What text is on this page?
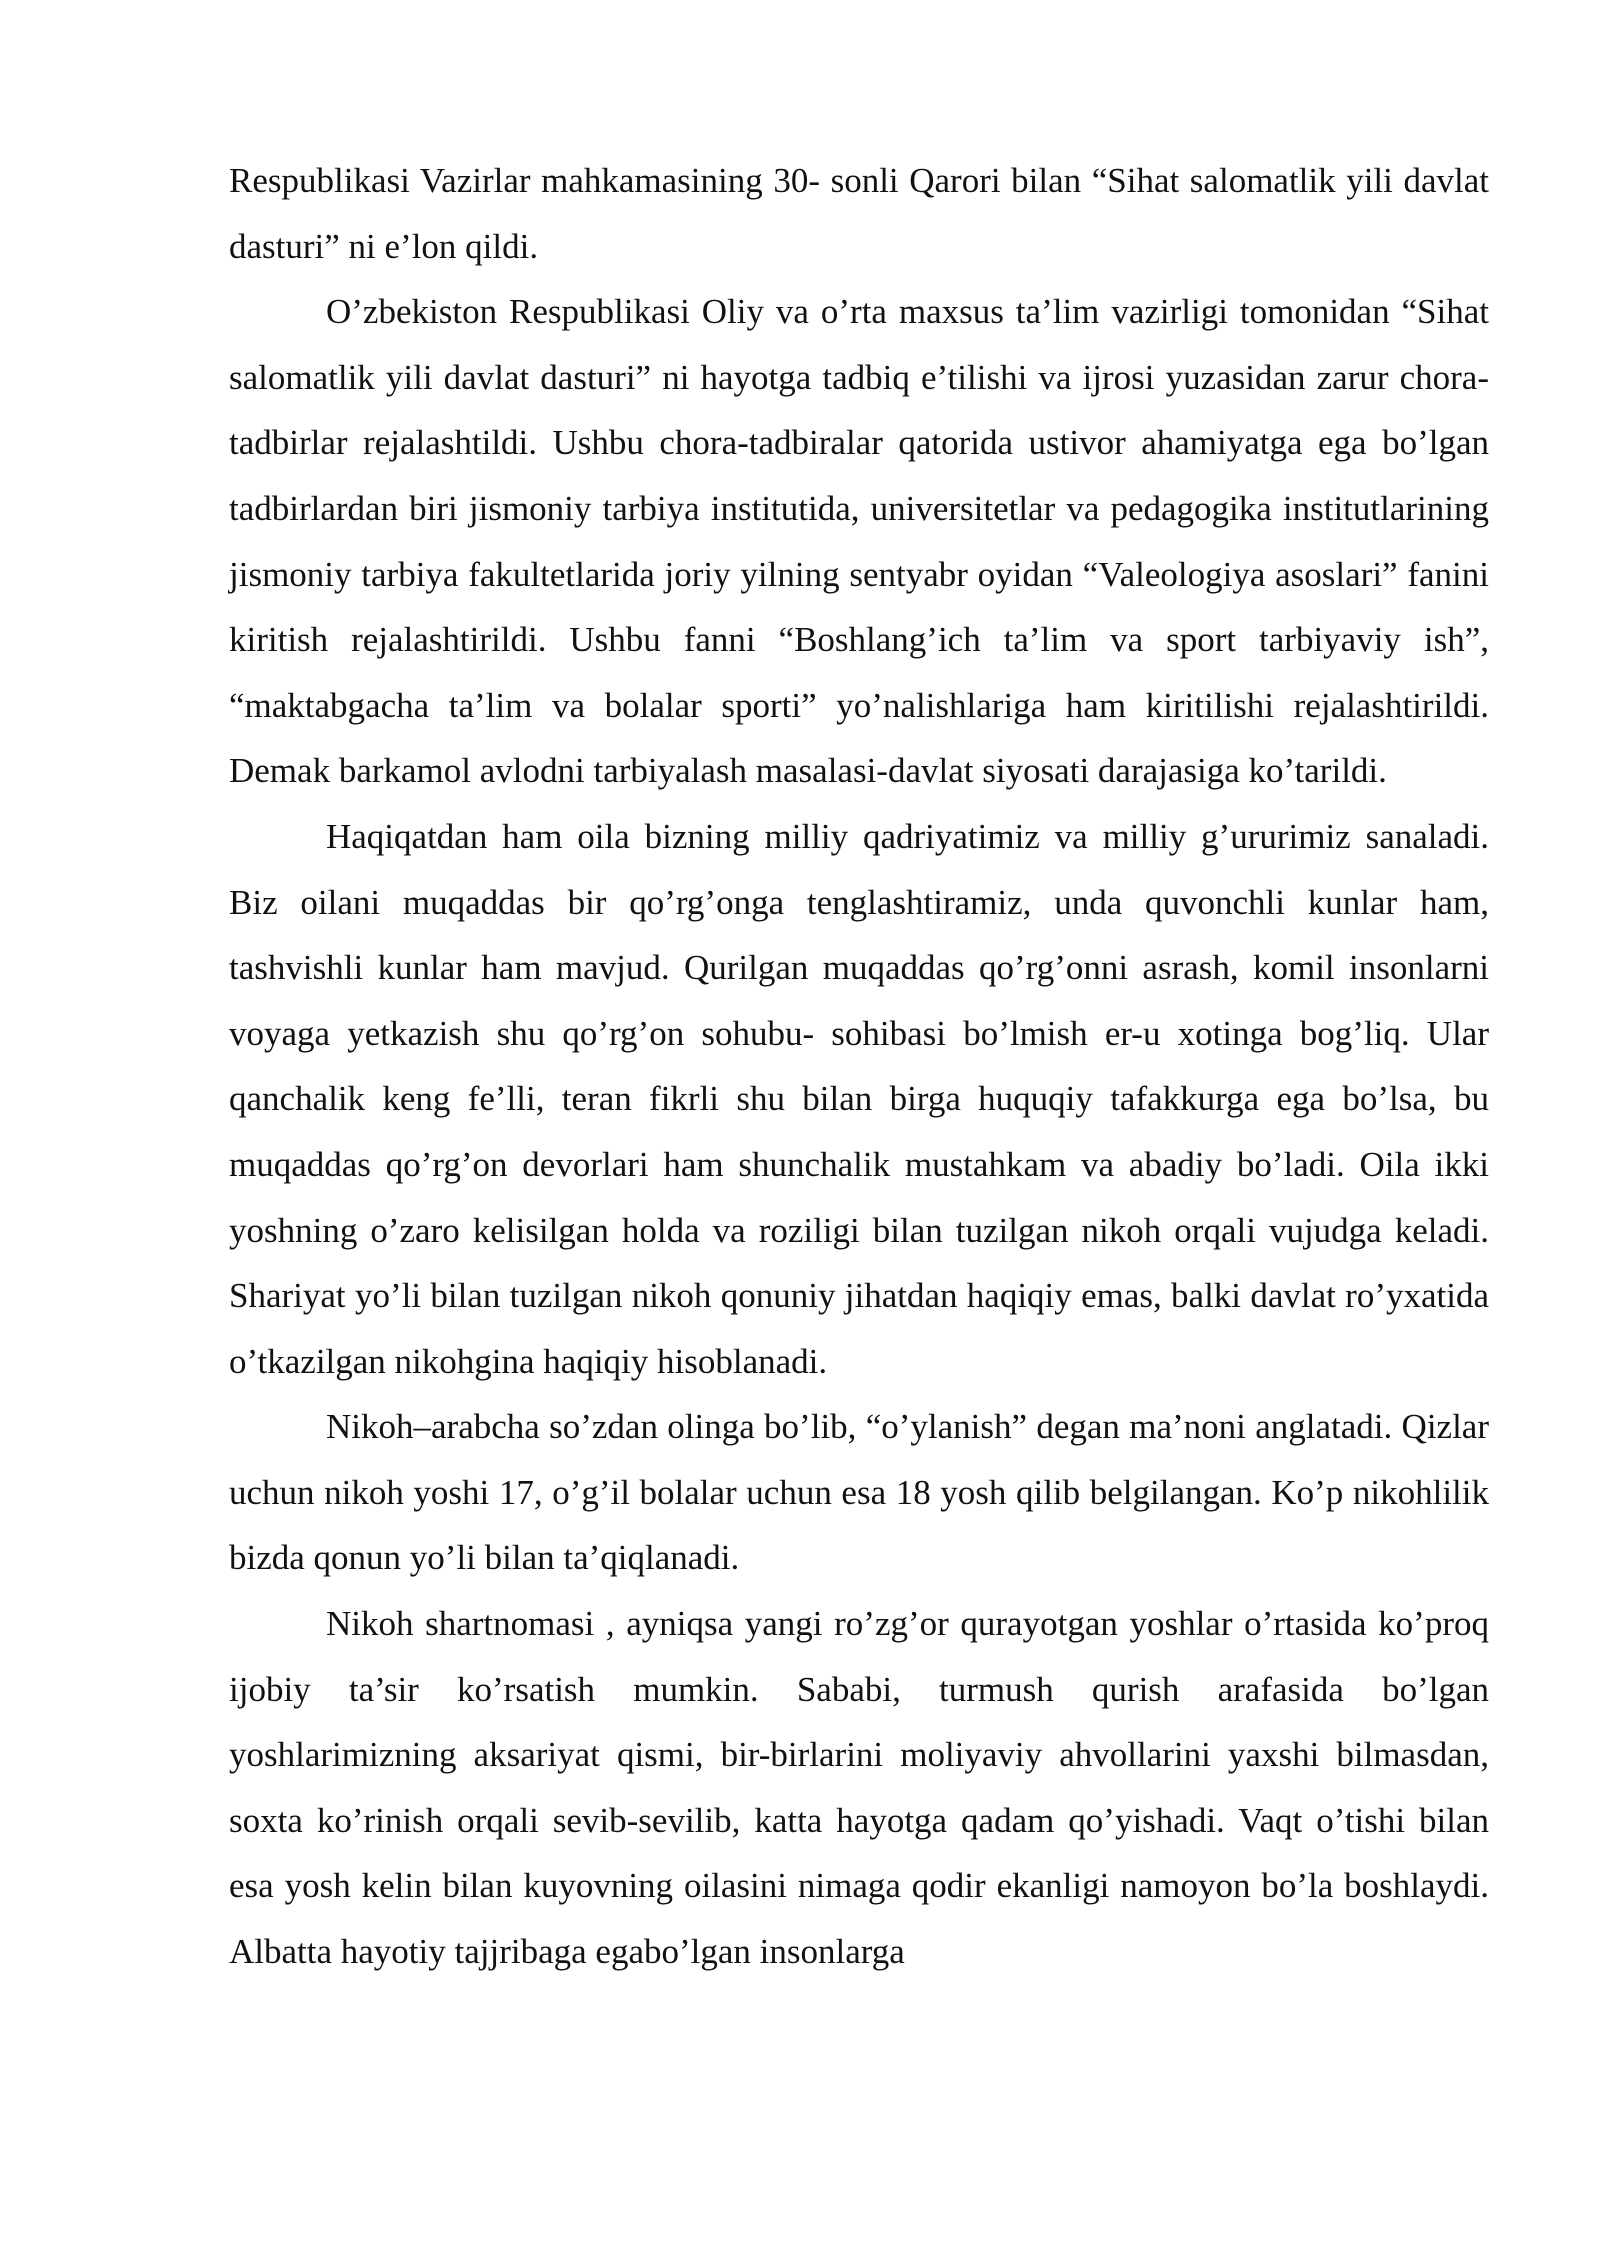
Respublikasi Vazirlar mahkamasining 30- sonli Qarori bilan “Sihat salomatlik yili davlat dasturi” ni e’lon qildi.

O’zbekiston Respublikasi Oliy va o’rta maxsus ta’lim vazirligi tomonidan “Sihat salomatlik yili davlat dasturi” ni hayotga tadbiq e’tilishi va ijrosi yuzasidan zarur chora-tadbirlar rejalashtildi. Ushbu chora-tadbiralar qatorida ustivor ahamiyatga ega bo’lgan tadbirlardan biri jismoniy tarbiya institutida, universitetlar va pedagogika institutlarining jismoniy tarbiya fakultetlarida joriy yilning sentyabr oyidan “Valeologiya asoslari” fanini kiritish rejalashtirildi. Ushbu fanni “Boshlang’ich ta’lim va sport tarbiyaviy ish”, “maktabgacha ta’lim va bolalar sporti” yo’nalishlariga ham kiritilishi rejalashtirildi. Demak barkamol avlodni tarbiyalash masalasi-davlat siyosati darajasiga ko’tarildi.

Haqiqatdan ham oila bizning milliy qadriyatimiz va milliy g’ururimiz sanaladi. Biz oilani muqaddas bir qo’rg’onga tenglashtiramiz, unda quvonchli kunlar ham, tashvishli kunlar ham mavjud. Qurilgan muqaddas qo’rg’onni asrash, komil insonlarni voyaga yetkazish shu qo’rg’on sohubu- sohibasi bo’lmish er-u xotinga bog’liq. Ular qanchalik keng fe’lli, teran fikrli shu bilan birga huquqiy tafakkurga ega bo’lsa, bu muqaddas qo’rg’on devorlari ham shunchalik mustahkam va abadiy bo’ladi. Oila ikki yoshning o’zaro kelisilgan holda va roziligi bilan tuzilgan nikoh orqali vujudga keladi. Shariyat yo’li bilan tuzilgan nikoh qonuniy jihatdan haqiqiy emas, balki davlat ro’yxatida o’tkazilgan nikohgina haqiqiy hisoblanadi.

Nikoh–arabcha so’zdan olinga bo’lib, “o’ylanish” degan ma’noni anglatadi. Qizlar uchun nikoh yoshi 17, o’g’il bolalar uchun esa 18 yosh qilib belgilangan. Ko’p nikohlilik bizda qonun yo’li bilan ta’qiqlanadi.

Nikoh shartnomasi , ayniqsa yangi ro’zg’or qurayotgan yoshlar o’rtasida ko’proq ijobiy ta’sir ko’rsatish mumkin. Sababi, turmush qurish arafasida bo’lgan yoshlarimizning aksariyat qismi, bir-birlarini moliyaviy ahvollarini yaxshi bilmasdan, soxta ko’rinish orqali sevib-sevilib, katta hayotga qadam qo’yishadi. Vaqt o’tishi bilan esa yosh kelin bilan kuyovning oilasini nimaga qodir ekanligi namoyon bo’la boshlaydi. Albatta hayotiy tajjribaga egabo’lgan insonlarga
